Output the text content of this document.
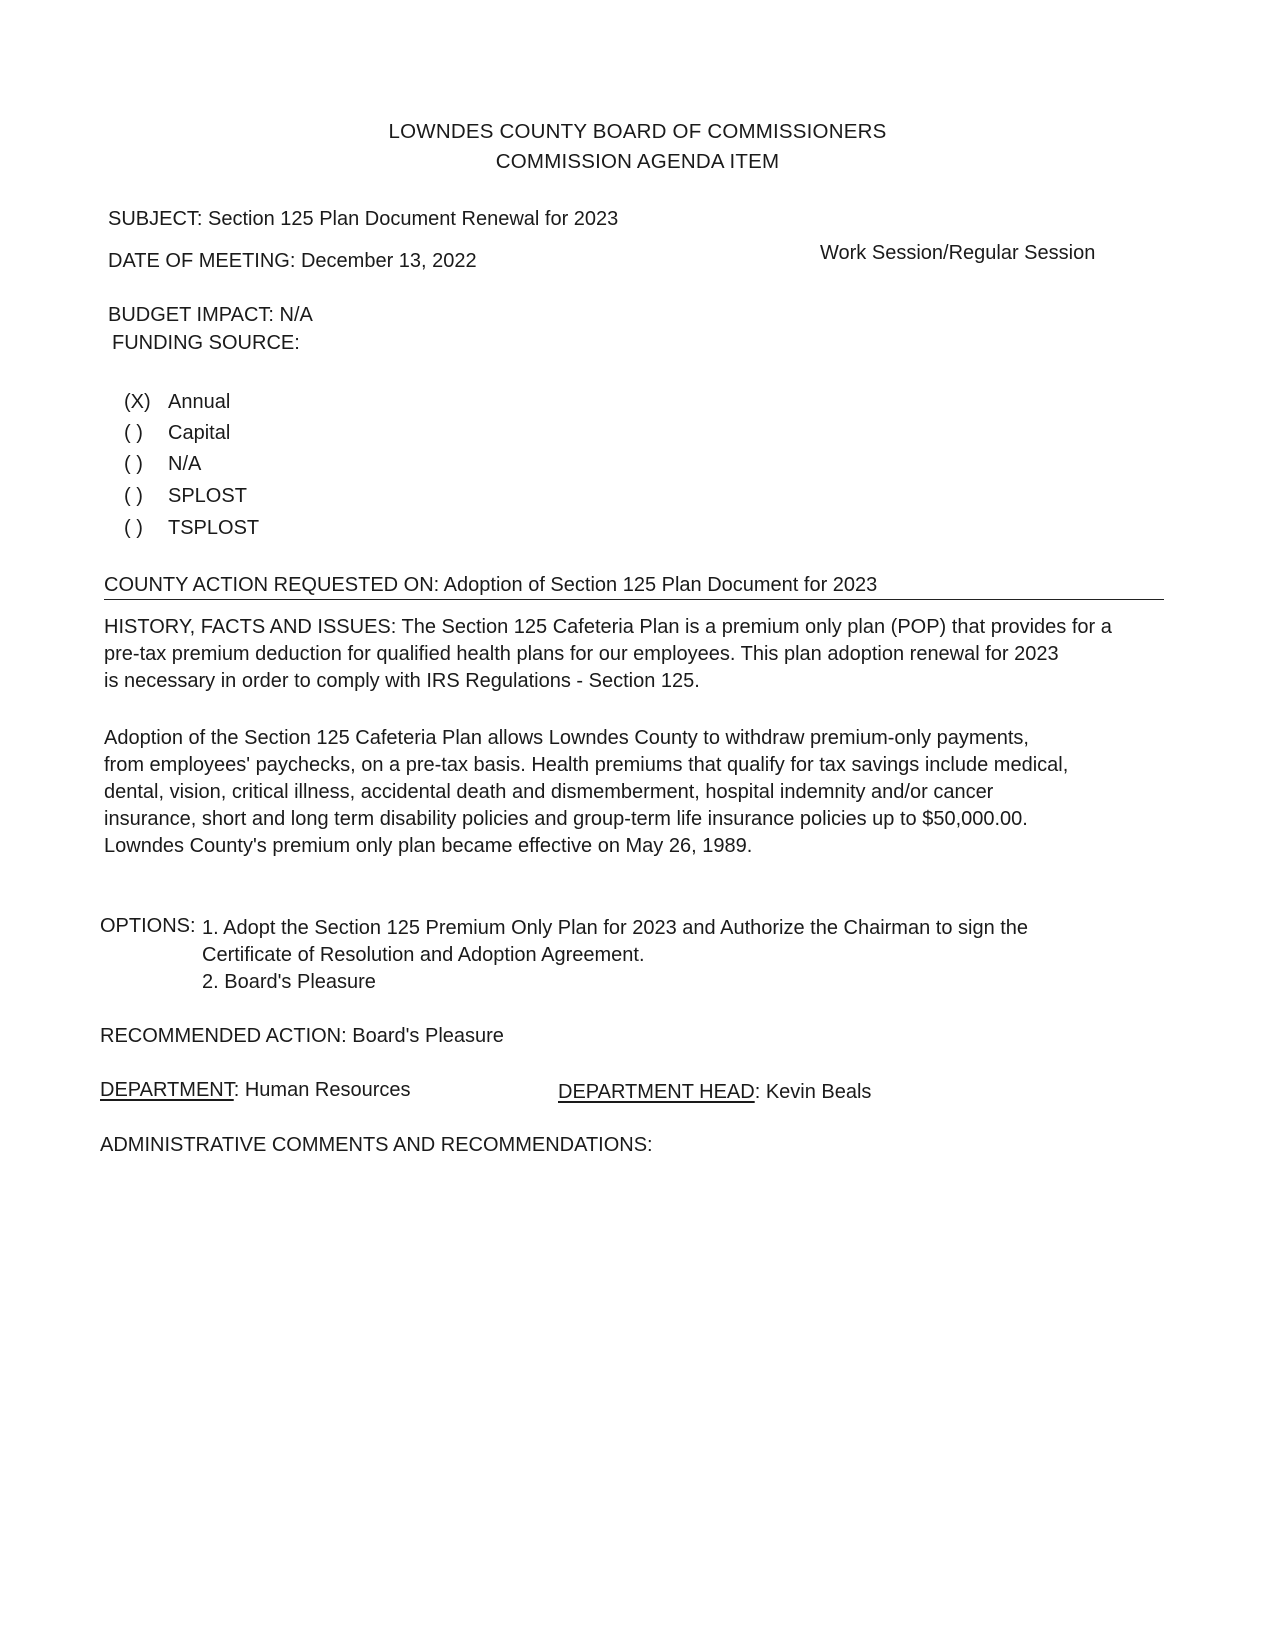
LOWNDES COUNTY BOARD OF COMMISSIONERS
COMMISSION AGENDA ITEM
SUBJECT: Section 125 Plan Document Renewal for 2023
DATE OF MEETING: December 13, 2022	Work Session/Regular Session
BUDGET IMPACT: N/A
FUNDING SOURCE:
(X) Annual
( )	Capital
( )	N/A
( )	SPLOST
( )	TSPLOST
COUNTY ACTION REQUESTED ON: Adoption of Section 125 Plan Document for 2023
HISTORY, FACTS AND ISSUES: The Section 125 Cafeteria Plan is a premium only plan (POP) that provides for a
pre-tax premium deduction for qualified health plans for our employees. This plan adoption renewal for 2023
is necessary in order to comply with IRS Regulations - Section 125.
Adoption of the Section 125 Cafeteria Plan allows Lowndes County to withdraw premium-only payments,
from employees' paychecks, on a pre-tax basis. Health premiums that qualify for tax savings include medical,
dental, vision, critical illness, accidental death and dismemberment, hospital indemnity and/or cancer
insurance, short and long term disability policies and group-term life insurance policies up to $50,000.00.
Lowndes County's premium only plan became effective on May 26, 1989.
OPTIONS: 1. Adopt the Section 125 Premium Only Plan for 2023 and Authorize the Chairman to sign the
Certificate of Resolution and Adoption Agreement.
2. Board's Pleasure
RECOMMENDED ACTION: Board's Pleasure
DEPARTMENT: Human Resources	DEPARTMENT HEAD: Kevin Beals
ADMINISTRATIVE COMMENTS AND RECOMMENDATIONS:
